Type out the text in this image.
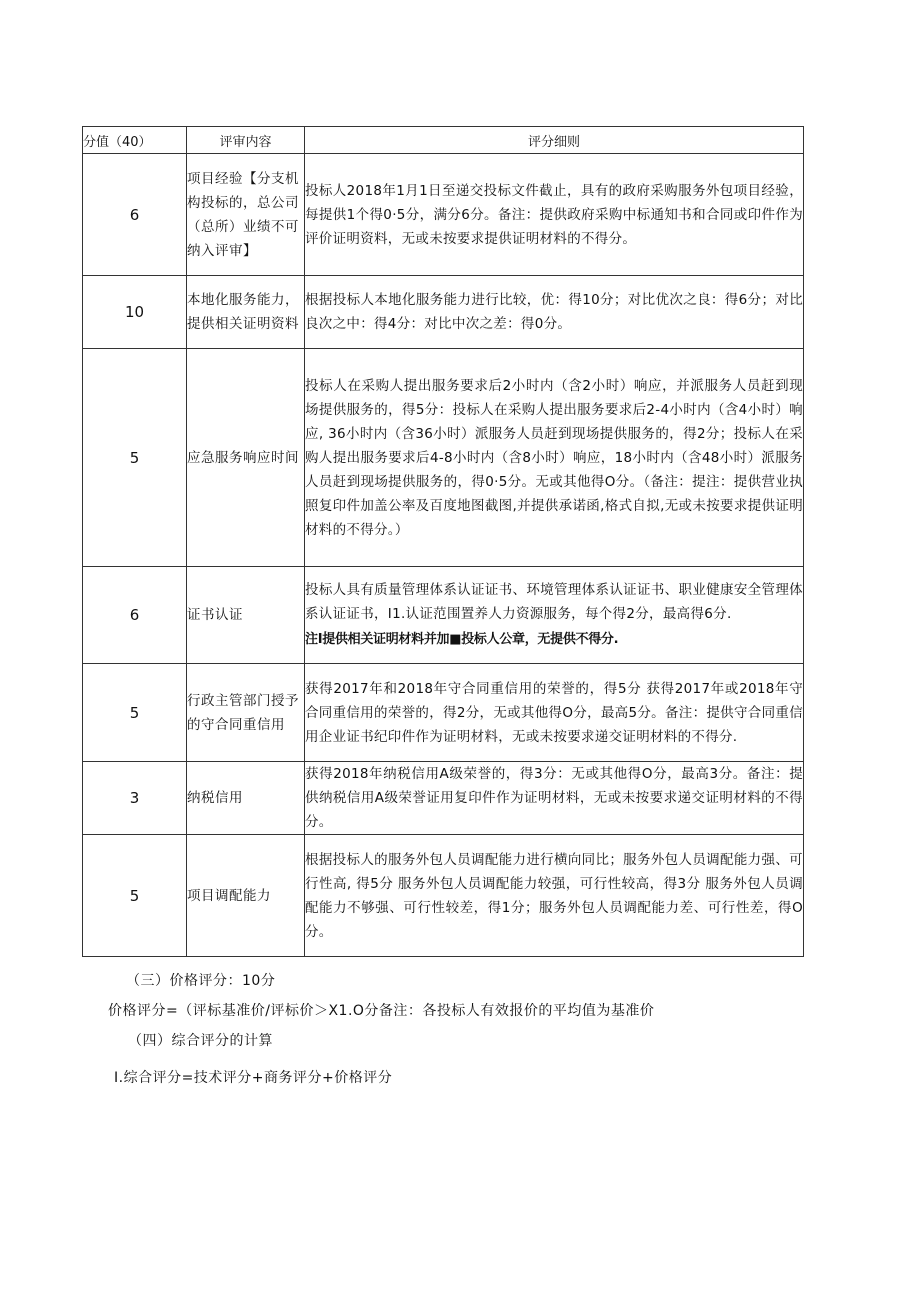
分值（40）	评审内容	评分细则
6	项目经验【分支机构投标的，总公司（总所）业绩不可纳入评审】	投标人2018年1月1日至递交投标文件截止，具有的政府采购服务外包项目经验，每提供1个得0·5分，满分6分。备注：提供政府采购中标通知书和合同或印件作为评价证明资料，无或未按要求提供证明材料的不得分。
10	本地化服务能力，提供相关证明资料	根据投标人本地化服务能力进行比较，优：得10分；对比优次之良：得6分；对比良次之中：得4分：对比中次之差：得0分。
5	应急服务响应时间	投标人在采购人提出服务要求后2小时内（含2小时）响应，并派服务人员赶到现场提供服务的，得5分：投标人在采购人提出服务要求后2-4小时内（含4小时）响应, 36小时内（含36小时）派服务人员赶到现场提供服务的，得2分；投标人在采购人提出服务要求后4-8小时内（含8小时）响应，18小时内（含48小时）派服务人员赶到现场提供服务的，得0·5分。无或其他得O分。（备注：提注：提供营业执照复印件加盖公率及百度地图截图,并提供承诺函,格式自拟,无或未按要求提供证明材料的不得分。）
6	证书认证	投标人具有质量管理体系认证证书、环境管理体系认证证书、职业健康安全管理体系认证证书，I1.认证范围置养人力资源服务，每个得2分，最高得6分.
注Ⅰ提供相关证明材料并加■投标人公章，无提供不得分.

5	行政主管部门授予的守合同重信用	获得2017年和2018年守合同重信用的荣誉的，得5分 获得2017年或2018年守合同重信用的荣誉的，得2分，无或其他得O分，最高5分。备注：提供守合同重信用企业证书纪印件作为证明材料，无或未按要求递交证明材料的不得分.
3	纳税信用	获得2018年纳税信用A级荣誉的，得3分：无或其他得O分，最高3分。备注：提供纳税信用A级荣誉证用复印件作为证明材料，无或未按要求递交证明材料的不得分。
5	项目调配能力	根据投标人的服务外包人员调配能力进行横向同比；服务外包人员调配能力强、可行性高, 得5分 服务外包人员调配能力较强，可行性较高，得3分 服务外包人员调配能力不够强、可行性较差，得1分；服务外包人员调配能力差、可行性差，得O分。
（三）价格评分：10分
价格评分=（评标基准价/评标价＞X1.O分备注：各投标人有效报价的平均值为基准价
（四）综合评分的计算
I.综合评分=技术评分+商务评分+价格评分
